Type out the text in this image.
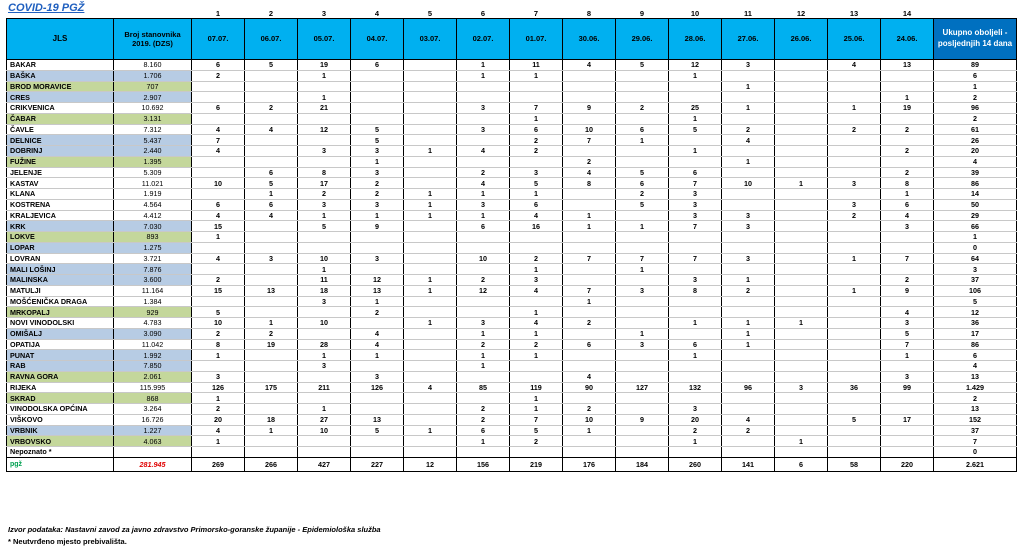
COVID-19 PGŽ
			1	2	3	4	5	6	7	8	9	10	11	12	13	14	
JLS	Broj stanovnika 2019. (DZS)	07.07.	06.07.	05.07.	04.07.	03.07.	02.07.	01.07.	30.06.	29.06.	28.06.	27.06.	26.06.	25.06.	24.06.	Ukupno oboljeli - posljednjih 14 dana
BAKAR	8.160	6	5	19	6		1	11	4	5	12	3		4	13	89
BAŠKA	1.706	2		1			1	1			1					6
BROD MORAVICE	707											1				1
CRES	2.907			1											1	2
CRIKVENICA	10.692	6	2	21			3	7	9	2	25	1		1	19	96
ČABAR	3.131							1			1					2
ČAVLE	7.312	4	4	12	5		3	6	10	6	5	2		2	2	61
DELNICE	5.437	7			5			2	7	1		4				26
DOBRINJ	2.440	4		3	3	1	4	2			1				2	20
FUŽINE	1.395				1				2			1				4
JELENJE	5.309		6	8	3		2	3	4	5	6				2	39
KASTAV	11.021	10	5	17	2		4	5	8	6	7	10	1	3	8	86
KLANA	1.919		1	2	2	1	1	1		2	3				1	14
KOSTRENA	4.564	6	6	3	3	1	3	6		5	3			3	6	50
KRALJEVICA	4.412	4	4	1	1	1	1	4	1		3	3		2	4	29
KRK	7.030	15		5	9		6	16	1	1	7	3			3	66
LOKVE	893	1														1
LOPAR	1.275															0
LOVRAN	3.721	4	3	10	3		10	2	7	7	7	3		1	7	64
MALI LOŠINJ	7.876			1				1		1						3
MALINSKA	3.600	2		11	12	1	2	3			3	1			2	37
MATULJI	11.164	15	13	18	13	1	12	4	7	3	8	2		1	9	106
MOŠĆENIČKA DRAGA	1.384			3	1				1							5
MRKOPALJ	929	5			2			1							4	12
NOVI VINODOLSKI	4.783	10	1	10		1	3	4	2		1	1	1		3	36
OMIŠALJ	3.090	2	2		4		1	1		1		1			5	17
OPATIJA	11.042	8	19	28	4		2	2	6	3	6	1			7	86
PUNAT	1.992	1		1	1		1	1			1				1	6
RAB	7.850			3			1									4
RAVNA GORA	2.061	3			3				4						3	13
RIJEKA	115.995	126	175	211	126	4	85	119	90	127	132	96	3	36	99	1.429
SKRAD	868	1						1								2
VINODOLSKA OPĆINA	3.264	2		1			2	1	2		3					13
VIŠKOVO	16.726	20	18	27	13		2	7	10	9	20	4		5	17	152
VRBNIK	1.227	4	1	10	5	1	6	5	1		2	2				37
VRBOVSKO	4.063	1					1	2			1		1			7
Nepoznato *																0
pgž	281.945	269	266	427	227	12	156	219	176	184	260	141	6	58	220	2.621
Izvor podataka: Nastavni zavod za javno zdravstvo Primorsko-goranske županije - Epidemiološka služba
* Neutvrđeno mjesto prebivališta.
